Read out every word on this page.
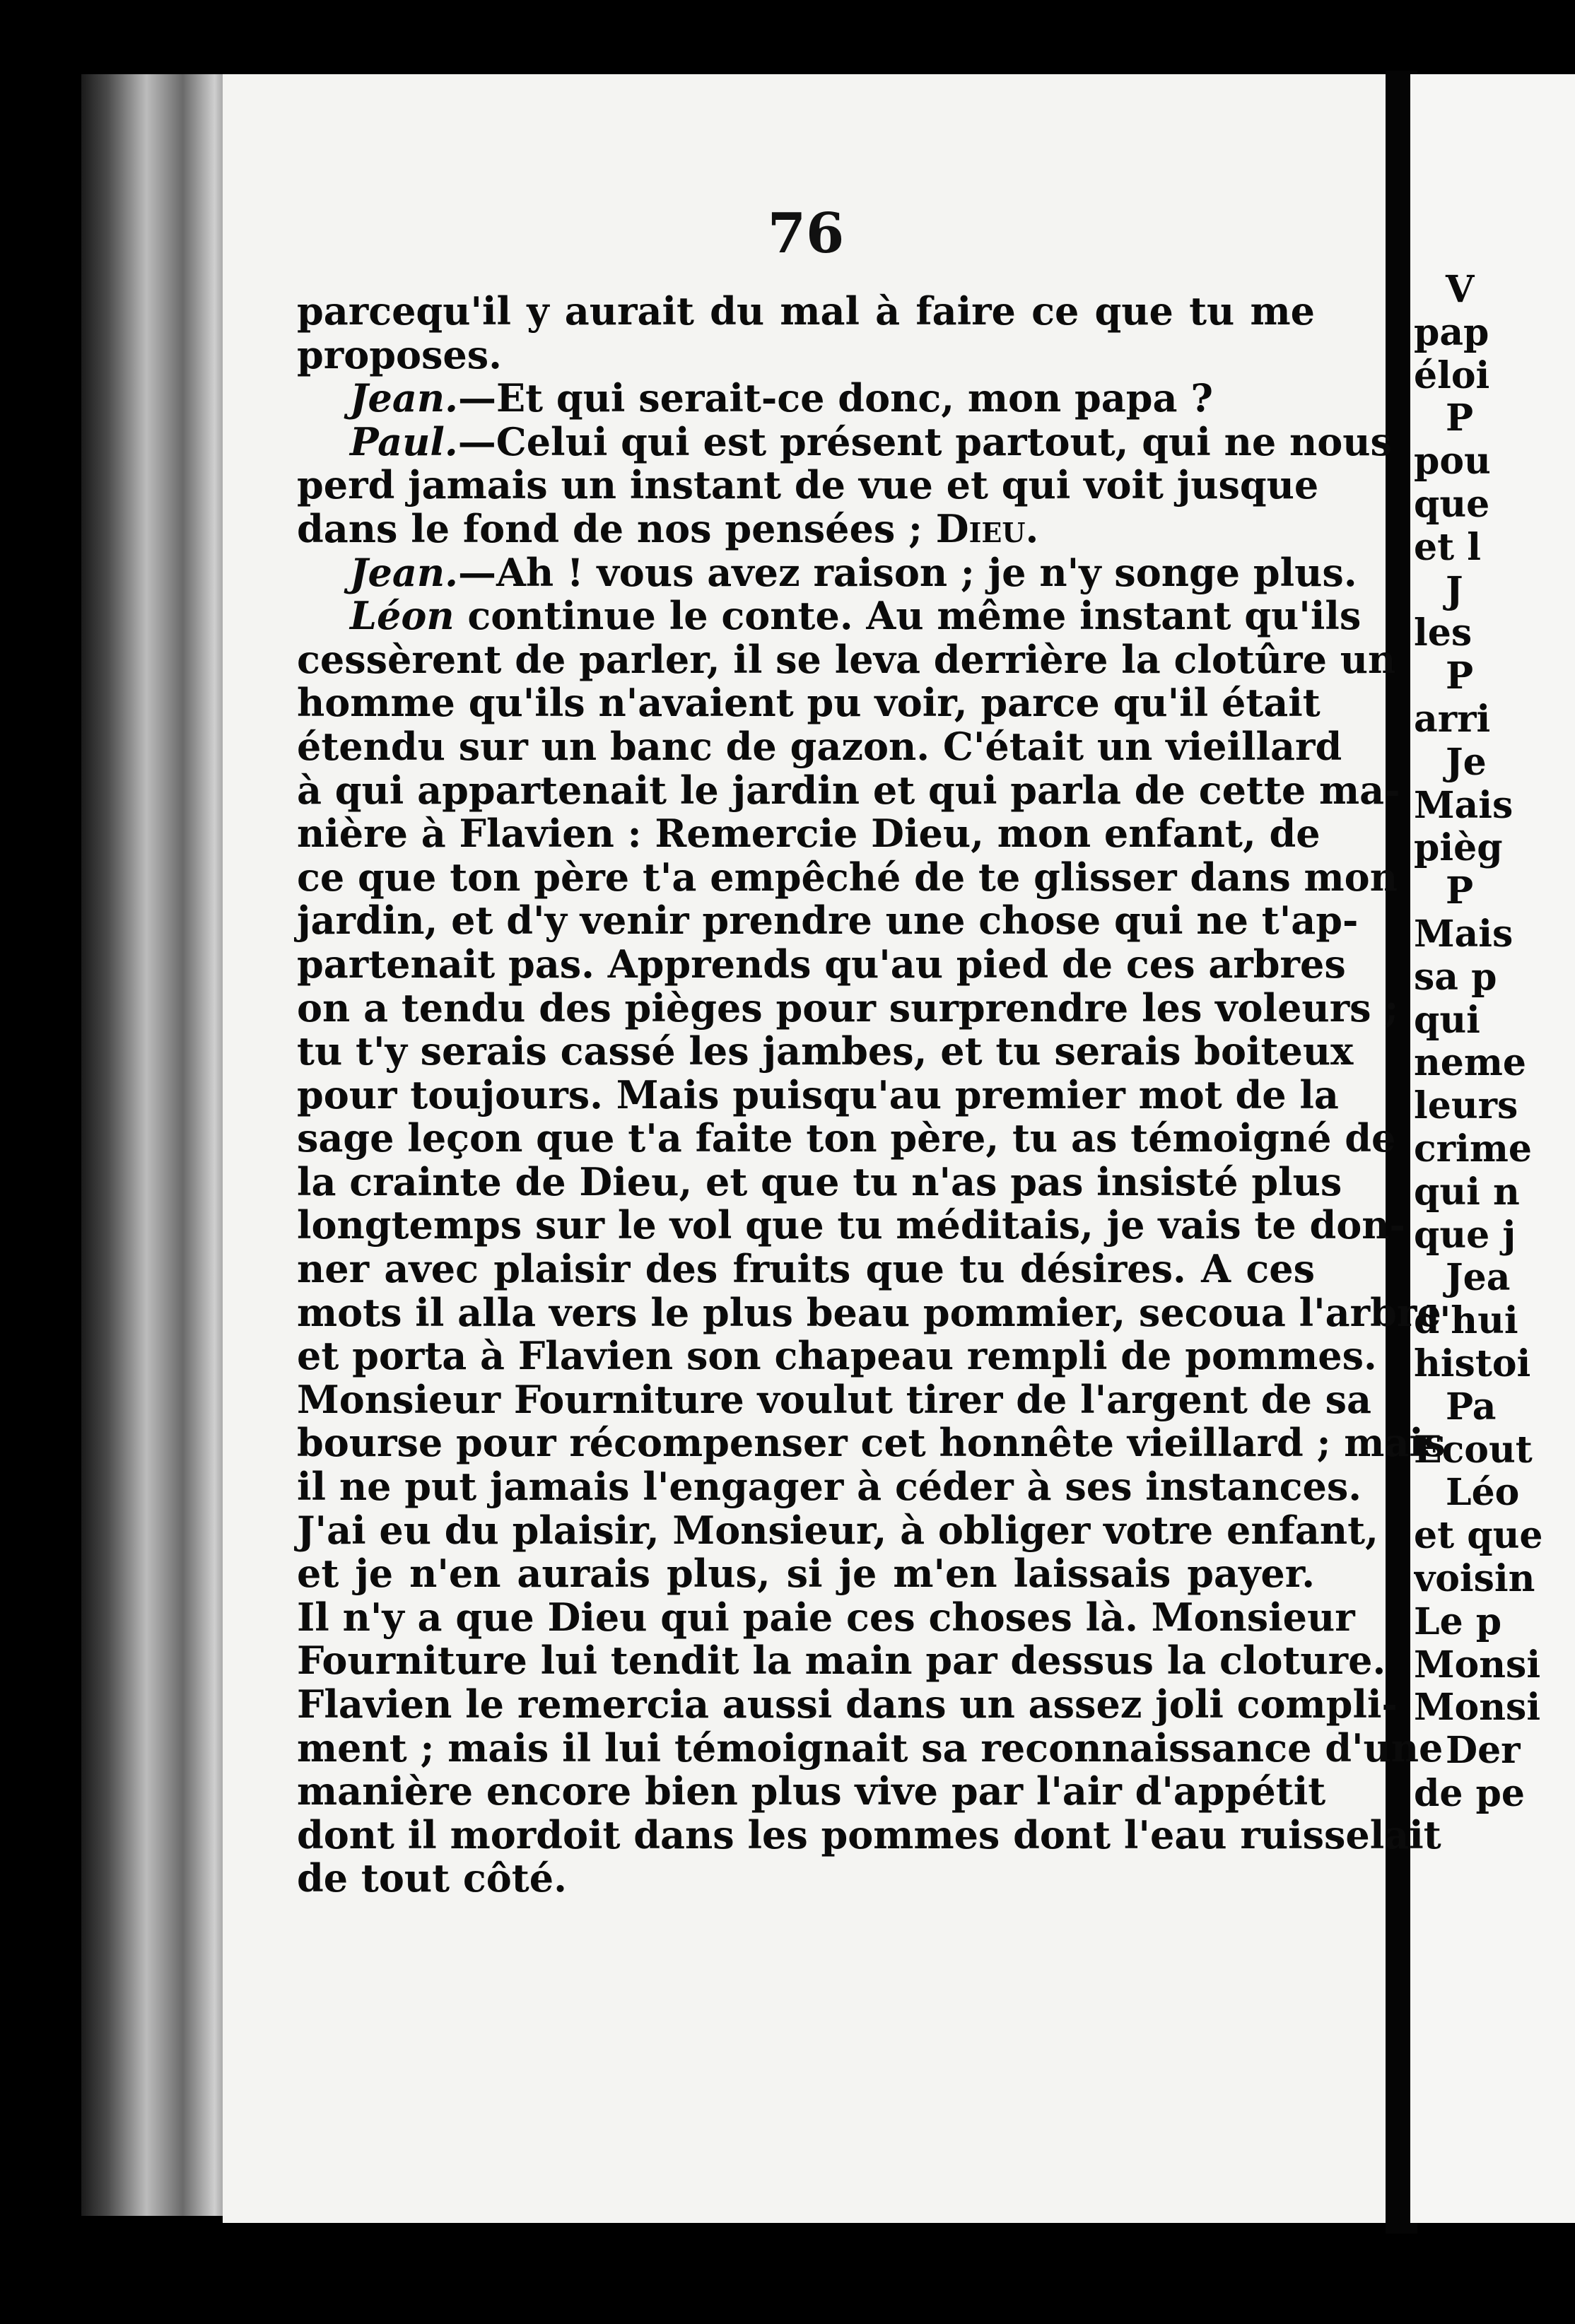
76
parcequ'il y aurait du mal à faire ce que tu me
proposes.
Jean.—Et qui serait-ce donc, mon papa ?
Paul.—Celui qui est présent partout, qui ne nous
perd jamais un instant de vue et qui voit jusque
dans le fond de nos pensées ; Dieu.
Jean.—Ah ! vous avez raison ; je n'y songe plus.
Léon continue le conte. Au même instant qu'ils
cessèrent de parler, il se leva derrière la clotûre un
homme qu'ils n'avaient pu voir, parce qu'il était
étendu sur un banc de gazon. C'était un vieillard
à qui appartenait le jardin et qui parla de cette ma-
nière à Flavien : Remercie Dieu, mon enfant, de
ce que ton père t'a empêché de te glisser dans mon
jardin, et d'y venir prendre une chose qui ne t'ap-
partenait pas. Apprends qu'au pied de ces arbres
on a tendu des pièges pour surprendre les voleurs ;
tu t'y serais cassé les jambes, et tu serais boiteux
pour toujours. Mais puisqu'au premier mot de la
sage leçon que t'a faite ton père, tu as témoigné de
la crainte de Dieu, et que tu n'as pas insisté plus
longtemps sur le vol que tu méditais, je vais te don-
ner avec plaisir des fruits que tu désires. A ces
mots il alla vers le plus beau pommier, secoua l'arbre
et porta à Flavien son chapeau rempli de pommes.
Monsieur Fourniture voulut tirer de l'argent de sa
bourse pour récompenser cet honnête vieillard ; mais
il ne put jamais l'engager à céder à ses instances.
J'ai eu du plaisir, Monsieur, à obliger votre enfant,
et je n'en aurais plus, si je m'en laissais payer.
Il n'y a que Dieu qui paie ces choses là. Monsieur
Fourniture lui tendit la main par dessus la cloture.
Flavien le remercia aussi dans un assez joli compli-
ment ; mais il lui témoignait sa reconnaissance d'une
manière encore bien plus vive par l'air d'appétit
dont il mordoit dans les pommes dont l'eau ruisselait
de tout côté.
V
pap
éloi
P
pou
que
et l
J
les
P
arri
Je
Mais
pièg
P
Mais
sa p
qui
neme
leurs
crime
qui n
que j
Jea
d'hui
histoi
Pa
Ecout
Léo
et que
voisin
Le p
Monsi
Monsi
Der
de pe
